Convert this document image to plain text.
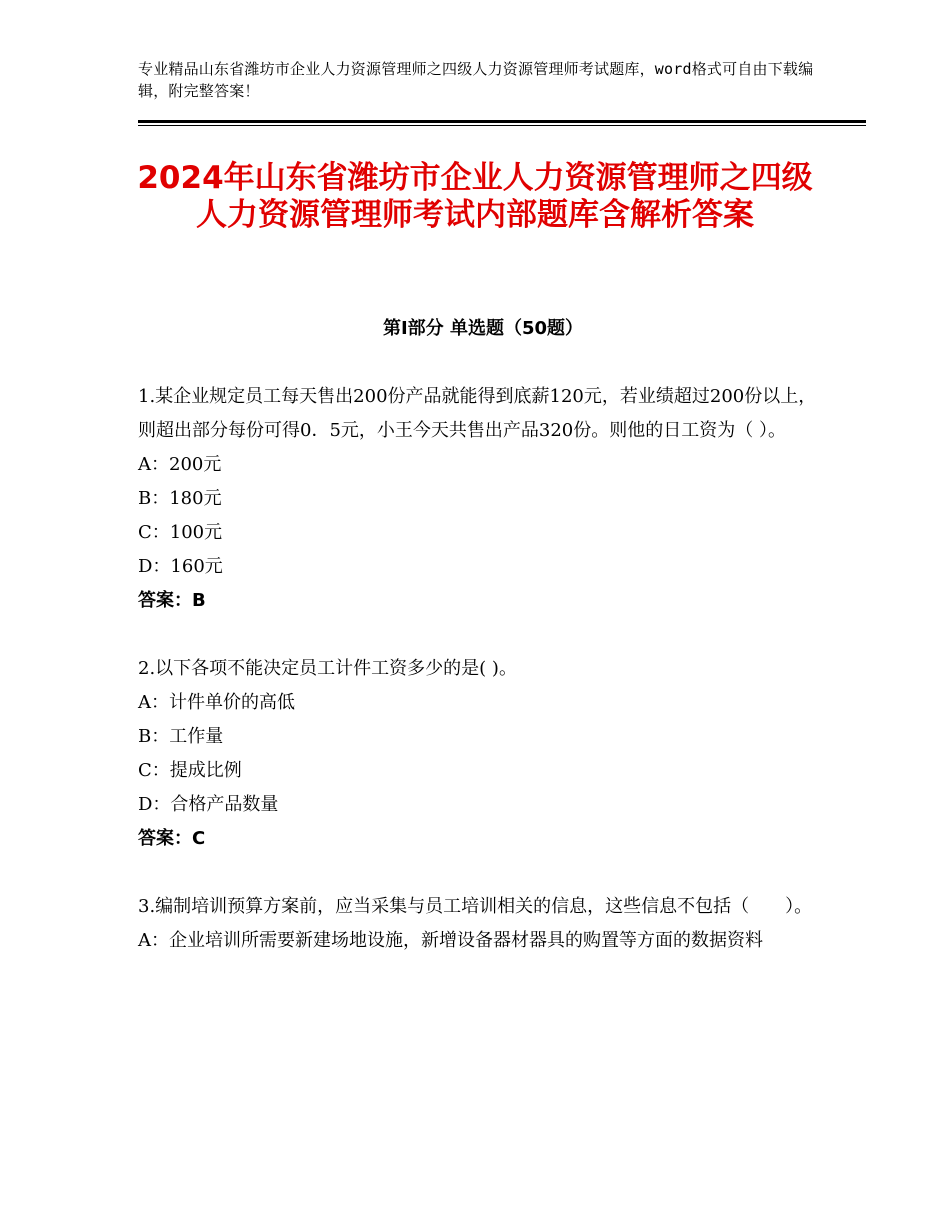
专业精品山东省潍坊市企业人力资源管理师之四级人力资源管理师考试题库，word格式可自由下载编辑，附完整答案！
2024年山东省潍坊市企业人力资源管理师之四级人力资源管理师考试内部题库含解析答案
第Ⅰ部分 单选题（50题）

1.某企业规定员工每天售出200份产品就能得到底薪120元，若业绩超过200份以上，则超出部分每份可得0．5元，小王今天共售出产品320份。则他的日工资为（ ）。

A：200元

B：180元

C：100元

D：160元

答案：B

2.以下各项不能决定员工计件工资多少的是( )。

A：计件单价的高低

B：工作量

C：提成比例

D：合格产品数量

答案：C

3.编制培训预算方案前，应当采集与员工培训相关的信息，这些信息不包括（　　）。

A：企业培训所需要新建场地设施，新增设备器材器具的购置等方面的数据资料
